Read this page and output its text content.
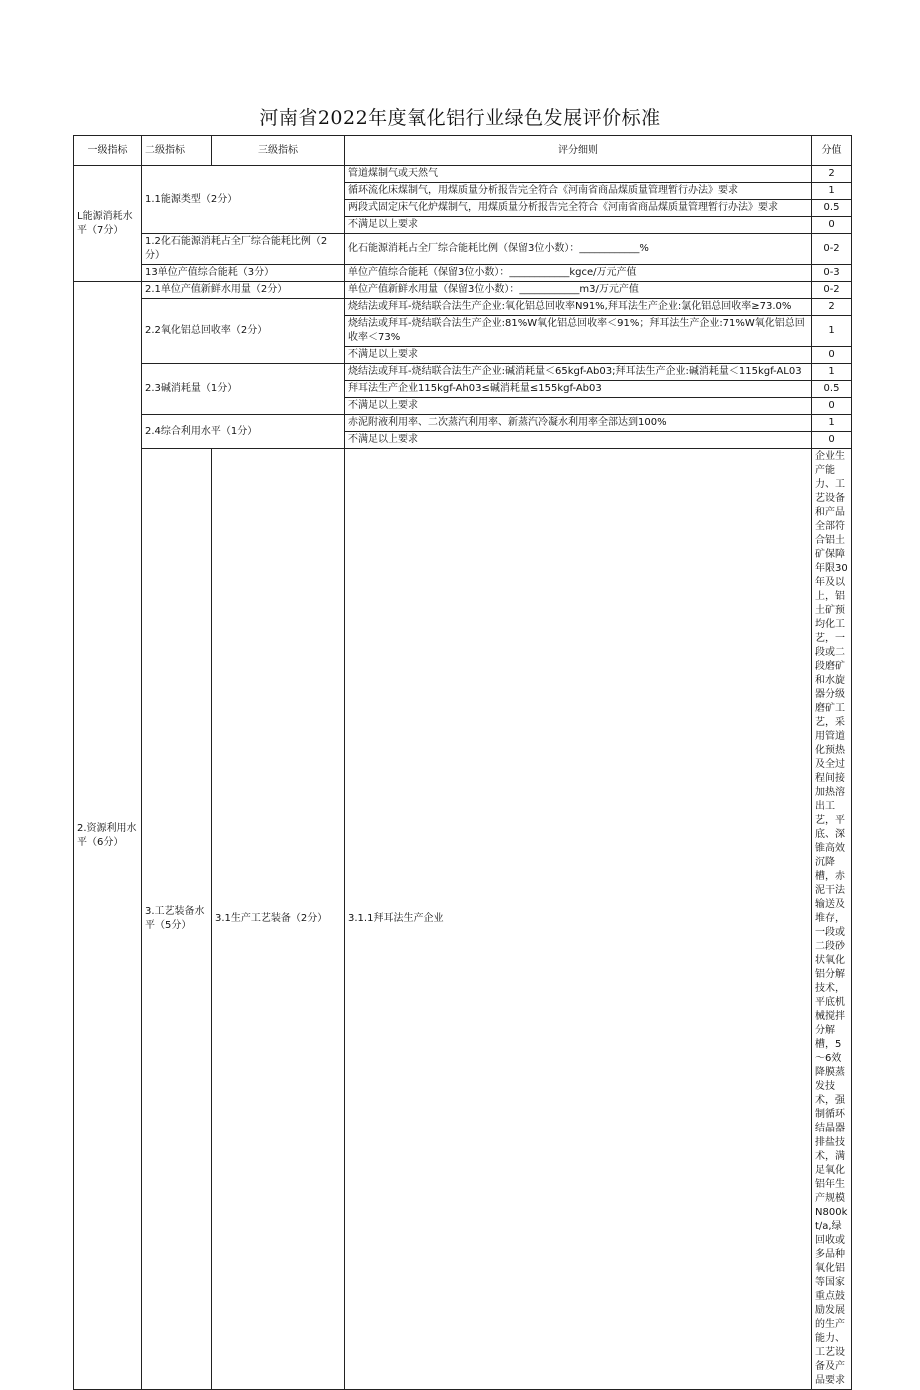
河南省2022年度氧化铝行业绿色发展评价标准
一级指标	二级指标	三级指标	评分细则	分值	
L能源消耗水平（7分）	1.1能源类型（2分）		管道煤制气或天然气	2	
			循环流化床煤制气，用煤质量分析报告完全符合《河南省商品煤质量管理暂行办法》要求	1	
			两段式固定床气化炉煤制气，用煤质量分析报告完全符合《河南省商品煤质量管理暂行办法》要求	0.5	
			不满足以上要求	0	
	1.2化石能源消耗占全厂综合能耗比例（2分）		化石能源消耗占全厂综合能耗比例（保留3位小数）：____________%	0-2	
	13单位产值综合能耗（3分）		单位产值综合能耗（保留3位小数）：____________kgce/万元产值	0-3	
2.资源利用水平（6分）	2.1单位产值新鲜水用量（2分）		单位产值新鲜水用量（保留3位小数）：____________m3/万元产值	0-2	
	2.2氧化铝总回收率（2分）		烧结法或拜耳-烧结联合法生产企业:氧化铝总回收率N91%,拜耳法生产企业:氯化铝总回收率≥73.0%	2	
			烧结法或拜耳-烧结联合法生产企业:81%W氧化铝总回收率＜91%；拜耳法生产企业:71%W氧化铝总回收率＜73%	1	
			不满足以上要求	0	
	2.3碱消耗量（1分）		烧结法或拜耳-烧结联合法生产企业:碱消耗量＜65kgf-Ab03;拜耳法生产企业:碱消耗量＜115kgf-AL03	1	
			拜耳法生产企业115kgf-Ah03≤碱消耗量≤155kgf-Ab03	0.5	
			不满足以上要求	0	
	2.4综合利用水平（1分）		赤泥附液利用率、二次蒸汽利用率、新蒸汽冷凝水利用率全部达到100%	1	
			不满足以上要求	0	
	3.工艺装备水平（5分）	3.1生产工艺装备（2分）	3.1.1拜耳法生产企业	企业生产能力、工艺设备和产品全部符合铝土矿保障年限30年及以上，铝土矿预均化工艺，一段或二段磨矿和水旋器分级磨矿工艺，采用管道化预热及全过程间接加热溶出工艺，平底、深锥高效沉降槽，赤泥干法输送及堆存，一段或二段砂状氧化铝分解技术，平底机械搅拌分解槽，5～6效降膜蒸发技术，强制循环结晶器排盐技术，满足氧化铝年生产规模N800kt∕a,绿回收或多品种氧化铝等国家重点鼓励发展的生产能力、工艺设备及产品要求	
